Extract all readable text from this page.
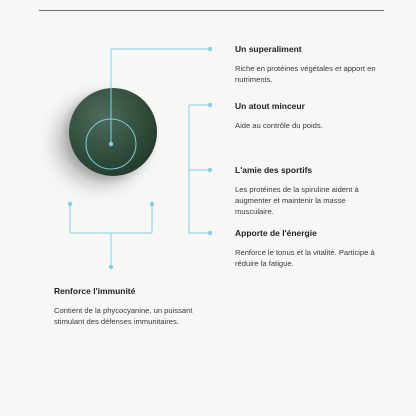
Un superaliment

Riche en protéines végétales et apport en nutriments.

Un atout minceur

Aide au contrôle du poids.

L'amie des sportifs

Les protéines de la spiruline aident à augmenter et maintenir la masse musculaire.

Apporte de l'énergie

Renforce le tonus et la vitalité. Participe à réduire la fatigue.

Renforce l'immunité

Contient de la phycocyanine, un puissant stimulant des défenses immunitaires.
